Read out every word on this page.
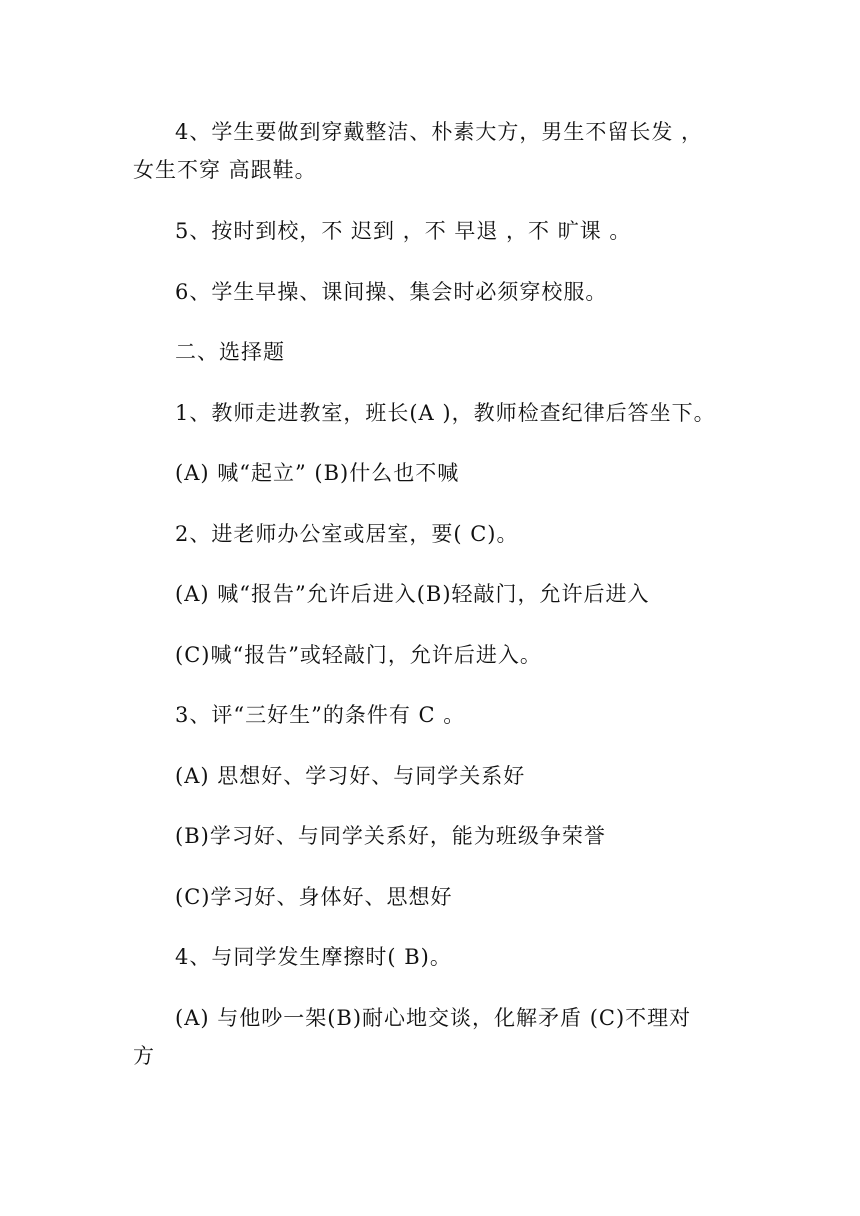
4、学生要做到穿戴整洁、朴素大方，男生不留长发 ，
女生不穿 高跟鞋。
5、按时到校，不 迟到 ，不 早退 ，不 旷课 。
6、学生早操、课间操、集会时必须穿校服。
二、选择题
1、教师走进教室，班长(A )，教师检查纪律后答坐下。
(A) 喊“起立” (B)什么也不喊
2、进老师办公室或居室，要( C)。
(A) 喊“报告”允许后进入(B)轻敲门，允许后进入
(C)喊“报告”或轻敲门，允许后进入。
3、评“三好生”的条件有 C 。
(A) 思想好、学习好、与同学关系好
(B)学习好、与同学关系好，能为班级争荣誉
(C)学习好、身体好、思想好
4、与同学发生摩擦时( B)。
(A) 与他吵一架(B)耐心地交谈，化解矛盾 (C)不理对
方
